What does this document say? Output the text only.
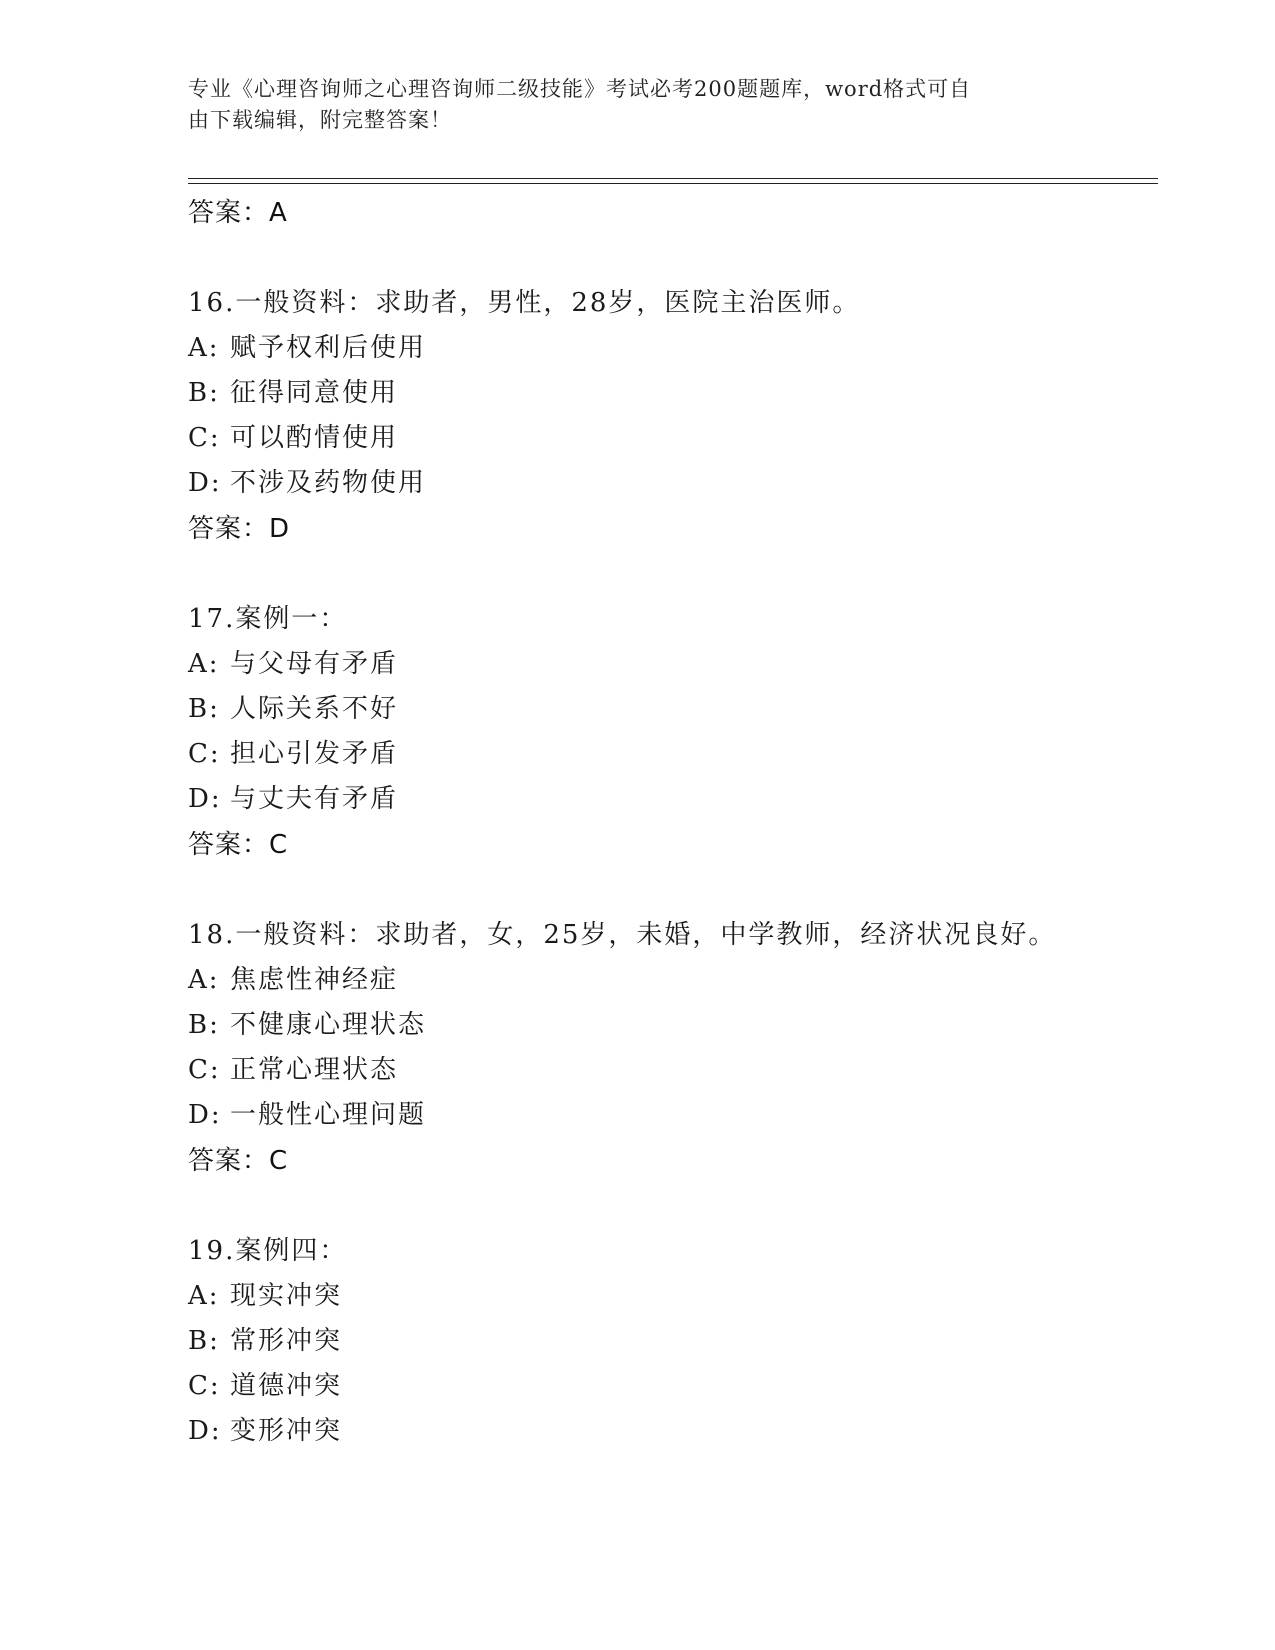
专业《心理咨询师之心理咨询师二级技能》考试必考200题题库，word格式可自
由下载编辑，附完整答案！
答案：A
16.一般资料：求助者，男性，28岁，医院主治医师。
A: 赋予权利后使用
B: 征得同意使用
C: 可以酌情使用
D: 不涉及药物使用
答案：D
17.案例一：
A: 与父母有矛盾
B: 人际关系不好
C: 担心引发矛盾
D: 与丈夫有矛盾
答案：C
18.一般资料：求助者，女，25岁，未婚，中学教师，经济状况良好。
A: 焦虑性神经症
B: 不健康心理状态
C: 正常心理状态
D: 一般性心理问题
答案：C
19.案例四：
A: 现实冲突
B: 常形冲突
C: 道德冲突
D: 变形冲突
